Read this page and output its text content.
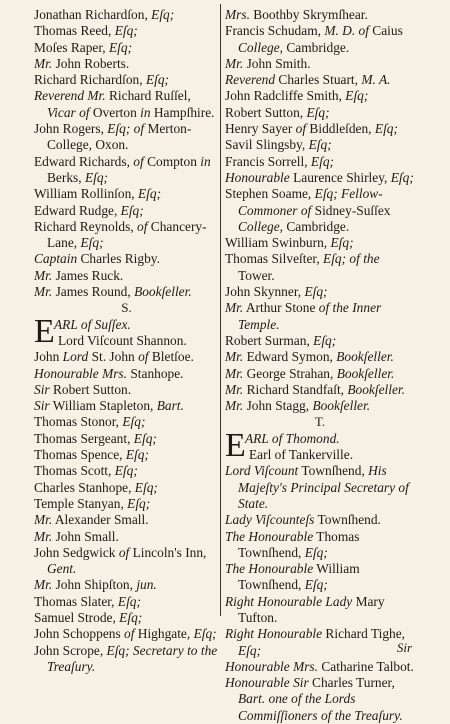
Jonathan Richardſon, Eſq;
Thomas Reed, Eſq;
Moſes Raper, Eſq;
Mr. John Roberts.
Richard Richardſon, Eſq;
Reverend Mr. Richard Ruſſel, Vicar of Overton in Hampſhire.
John Rogers, Eſq; of Merton-College, Oxon.
Edward Richards, of Compton in Berks, Eſq;
William Rollinſon, Eſq;
Edward Rudge, Eſq;
Richard Reynolds, of Chancery-Lane, Eſq;
Captain Charles Rigby.
Mr. James Ruck.
Mr. James Round, Bookſeller.
S.
E ARL of Suſſex.
Lord Viſcount Shannon.
John Lord St. John of Bletſoe.
Honourable Mrs. Stanhope.
Sir Robert Sutton.
Sir William Stapleton, Bart.
Thomas Stonor, Eſq;
Thomas Sergeant, Eſq;
Thomas Spence, Eſq;
Thomas Scott, Eſq;
Charles Stanhope, Eſq;
Temple Stanyan, Eſq;
Mr. Alexander Small.
Mr. John Small.
John Sedgwick of Lincoln's Inn, Gent.
Mr. John Shipſton, jun.
Thomas Slater, Eſq;
Samuel Strode, Eſq;
John Schoppens of Highgate, Eſq;
John Scrope, Eſq; Secretary to the Treaſury.
Mrs. Boothby Skrymſhear.
Francis Schudam, M. D. of Caius College, Cambridge.
Mr. John Smith.
Reverend Charles Stuart, M. A.
John Radcliffe Smith, Eſq;
Robert Sutton, Eſq;
Henry Sayer of Biddleſden, Eſq;
Savil Slingsby, Eſq;
Francis Sorrell, Eſq;
Honourable Laurence Shirley, Eſq;
Stephen Soame, Eſq; Fellow-Commoner of Sidney-Suſſex College, Cambridge.
William Swinburn, Eſq;
Thomas Silveſter, Eſq; of the Tower.
John Skynner, Eſq;
Mr. Arthur Stone of the Inner Temple.
Robert Surman, Eſq;
Mr. Edward Symon, Bookſeller.
Mr. George Strahan, Bookſeller.
Mr. Richard Standfaſt, Bookſeller.
Mr. John Stagg, Bookſeller.
T.
E ARL of Thomond.
Earl of Tankerville.
Lord Viſcount Townſhend, His Majeſty's Principal Secretary of State.
Lady Viſcounteſs Townſhend.
The Honourable Thomas Townſhend, Eſq;
The Honourable William Townſhend, Eſq;
Right Honourable Lady Mary Tufton.
Right Honourable Richard Tighe, Eſq;
Honourable Mrs. Catharine Talbot.
Honourable Sir Charles Turner, Bart. one of the Lords Commiſſioners of the Treaſury.
Sir
